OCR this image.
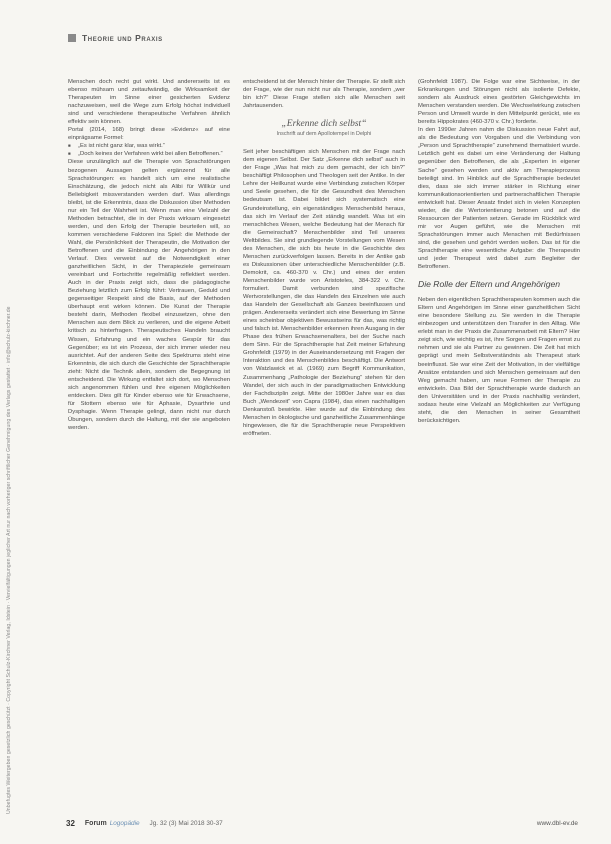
Theorie und Praxis
Unbefugtes Weitergeben gesetzlich geschützt · Copyright Schulz-Kirchner Verlag, Idstein · Vervielfältigungen jeglicher Art nur nach vorheriger schriftlicher Genehmigung des Verlags gestattet · info@schulz-kirchner.de

Menschen doch recht gut wirkt. Und andererseits ist es ebenso mühsam und zeitaufwändig, die Wirksamkeit der Therapeuten im Sinne einer gesicherten Evidenz nachzuweisen, weil die Wege zum Erfolg höchst individuell sind und verschiedene therapeutische Verfahren ähnlich effektiv sein können.

Portal (2014, 168) bringt diese »Evidenz« auf eine einprägsame Formel:

■ „Es ist nicht ganz klar, was wirkt.“
■ „Doch keines der Verfahren wirkt bei allen Betroffenen.“

Diese unzulänglich auf die Therapie von Sprachstörungen bezogenen Aussagen gelten ergänzend für alle Sprachstörungen: es handelt sich um eine realistische Einschätzung, die jedoch nicht als Alibi für Willkür und Beliebigkeit missverstanden werden darf. Was allerdings bleibt, ist die Erkenntnis, dass die Diskussion über Methoden nur ein Teil der Wahrheit ist. Wenn man eine Vielzahl der Methoden betrachtet, die in der Praxis wirksam eingesetzt werden, und den Erfolg der Therapie beurteilen will, so kommen verschiedene Faktoren ins Spiel: die Methode der Wahl, die Persönlichkeit der Therapeutin, die Motivation der Betroffenen und die Einbindung der Angehörigen in den Verlauf. Dies verweist auf die Notwendigkeit einer ganzheitlichen Sicht, in der Therapieziele gemeinsam vereinbart und Fortschritte regelmäßig reflektiert werden. Auch in der Praxis zeigt sich, dass die pädagogische Beziehung letztlich zum Erfolg führt: Vertrauen, Geduld und gegenseitiger Respekt sind die Basis, auf der Methoden überhaupt erst wirken können. Die Kunst der Therapie besteht darin, Methoden flexibel einzusetzen, ohne den Menschen aus dem Blick zu verlieren, und die eigene Arbeit kritisch zu hinterfragen. Therapeutisches Handeln braucht Wissen, Erfahrung und ein waches Gespür für das Gegenüber; es ist ein Prozess, der sich immer wieder neu ausrichtet. Auf der anderen Seite des Spektrums steht eine Erkenntnis, die sich durch die Geschichte der Sprachtherapie zieht: Nicht die Technik allein, sondern die Begegnung ist entscheidend. Die Wirkung entfaltet sich dort, wo Menschen sich angenommen fühlen und ihre eigenen Möglichkeiten entdecken. Dies gilt für Kinder ebenso wie für Erwachsene, für Stottern ebenso wie für Aphasie, Dysarthrie und Dysphagie. Wenn Therapie gelingt, dann nicht nur durch Übungen, sondern durch die Haltung, mit der sie angeboten werden.

entscheidend ist der Mensch hinter der Therapie. Er stellt sich der Frage, wie der nun nicht nur als Therapie, sondern „wer bin ich?“ Diese Frage stellen sich alle Menschen seit Jahrtausenden.

„Erkenne dich selbst“
Inschrift auf dem Apollotempel in Delphi

Seit jeher beschäftigen sich Menschen mit der Frage nach dem eigenen Selbst. Der Satz „Erkenne dich selbst“ auch in der Frage „Was hat mich zu dem gemacht, der ich bin?“ beschäftigt Philosophen und Theologen seit der Antike. In der Lehre der Heilkunst wurde eine Verbindung zwischen Körper und Seele gesehen, die für die Gesundheit des Menschen bedeutsam ist. Dabei bildet sich systematisch eine Grundeinstellung, ein eigenständiges Menschenbild heraus, das sich im Verlauf der Zeit ständig wandelt. Was ist ein menschliches Wesen, welche Bedeutung hat der Mensch für die Gemeinschaft? Menschenbilder sind Teil unseres Weltbildes. Sie sind grundlegende Vorstellungen vom Wesen des Menschen, die sich bis heute in die Geschichte des Menschen zurückverfolgen lassen. Bereits in der Antike gab es Diskussionen über unterschiedliche Menschenbilder (z.B. Demokrit, ca. 460-370 v. Chr.) und eines der ersten Menschenbilder wurde von Aristoteles, 384-322 v. Chr. formuliert. Damit verbunden sind spezifische Wertvorstellungen, die das Handeln des Einzelnen wie auch das Handeln der Gesellschaft als Ganzes beeinflussen und prägen. Andererseits verändert sich eine Bewertung im Sinne eines scheinbar objektiven Bewusstseins für das, was richtig und falsch ist. Menschenbilder erkennen ihren Ausgang in der Phase des frühen Erwachsenenalters, bei der Suche nach dem Sinn. Für die Sprachtherapie hat Zeit meiner Erfahrung Grohnfeldt (1979) in der Auseinandersetzung mit Fragen der Interaktion und des Menschenbildes beschäftigt. Die Antwort von Watzlawick et al. (1969) zum Begriff Kommunikation, Zusammenhang „Pathologie der Beziehung“ stehen für den Wandel, der sich auch in der paradigmatischen Entwicklung der Fachdisziplin zeigt. Mitte der 1980er Jahre war es das Buch „Wendezeit“ von Capra (1984), das einen nachhaltigen Denkanstoß bewirkte. Hier wurde auf die Einbindung des Menschen in ökologische und ganzheitliche Zusammenhänge hingewiesen, die für die Sprachtherapie neue Perspektiven eröffneten.

(Grohnfeldt 1987). Die Folge war eine Sichtweise, in der Erkrankungen und Störungen nicht als isolierte Defekte, sondern als Ausdruck eines gestörten Gleichgewichts im Menschen verstanden werden. Die Wechselwirkung zwischen Person und Umwelt wurde in den Mittelpunkt gerückt, wie es bereits Hippokrates (460-370 v. Chr.) forderte.

In den 1990er Jahren nahm die Diskussion neue Fahrt auf, als die Bedeutung von Vorgaben und die Verbindung von „Person und Sprachtherapie“ zunehmend thematisiert wurde. Letztlich geht es dabei um eine Veränderung der Haltung gegenüber den Betroffenen, die als „Experten in eigener Sache“ gesehen werden und aktiv am Therapieprozess beteiligt sind. Im Hinblick auf die Sprachtherapie bedeutet dies, dass sie sich immer stärker in Richtung einer kommunikationsorientierten und partnerschaftlichen Therapie entwickelt hat. Dieser Ansatz findet sich in vielen Konzepten wieder, die die Wertorientierung betonen und auf die Ressourcen der Patienten setzen. Gerade im Rückblick wird mir vor Augen geführt, wie die Menschen mit Sprachstörungen immer auch Menschen mit Bedürfnissen sind, die gesehen und gehört werden wollen. Das ist für die Sprachtherapie eine wesentliche Aufgabe: die Therapeutin und jeder Therapeut wird dabei zum Begleiter der Betroffenen.

Die Rolle der Eltern und Angehörigen

Neben den eigentlichen Sprachtherapeuten kommen auch die Eltern und Angehörigen im Sinne einer ganzheitlichen Sicht eine besondere Stellung zu. Sie werden in die Therapie einbezogen und unterstützen den Transfer in den Alltag. Wie erlebt man in der Praxis die Zusammenarbeit mit Eltern? Hier zeigt sich, wie wichtig es ist, ihre Sorgen und Fragen ernst zu nehmen und sie als Partner zu gewinnen. Die Zeit hat mich geprägt und mein Selbstverständnis als Therapeut stark beeinflusst. Sie war eine Zeit der Motivation, in der vielfältige Ansätze entstanden und sich Menschen gemeinsam auf den Weg gemacht haben, um neue Formen der Therapie zu entwickeln. Das Bild der Sprachtherapie wurde dadurch an den Universitäten und in der Praxis nachhaltig verändert, sodass heute eine Vielzahl an Möglichkeiten zur Verfügung steht, die den Menschen in seiner Gesamtheit berücksichtigen.

32 Forum Logopädie Jg. 32 (3) Mai 2018 30-37	www.dbl-ev.de
